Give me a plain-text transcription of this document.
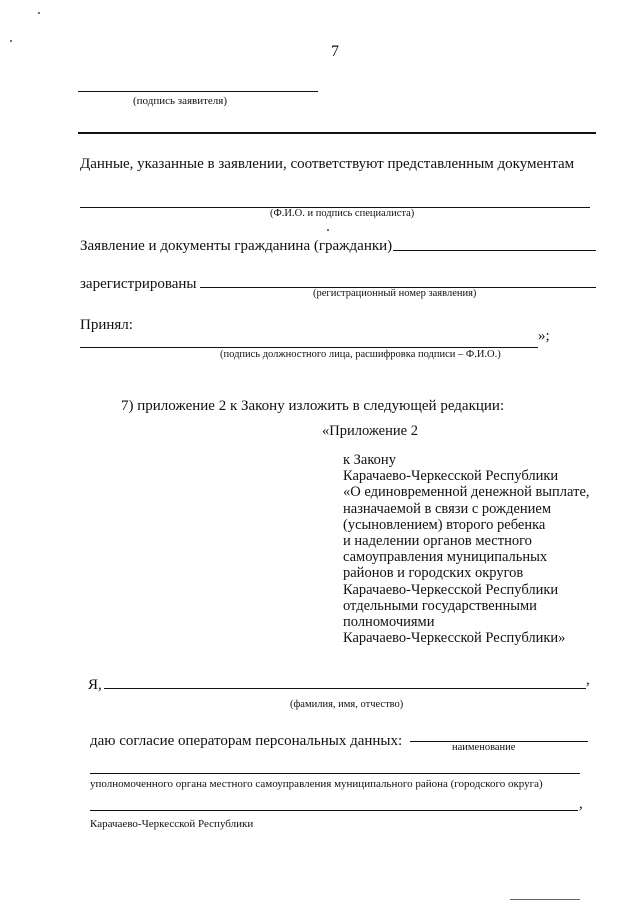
7
(подпись заявителя)
Данные, указанные в заявлении, соответствуют представленным документам
(Ф.И.О. и подпись специалиста)
Заявление и документы гражданина (гражданки)
зарегистрированы
(регистрационный номер заявления)
Принял:
»;
(подпись должностного лица, расшифровка подписи – Ф.И.О.)
7) приложение 2 к Закону изложить в следующей редакции:
«Приложение 2
к Закону
Карачаево-Черкесской Республики
«О единовременной денежной выплате,
назначаемой в связи с рождением
(усыновлением) второго ребенка
и наделении органов местного
самоуправления муниципальных
районов и городских округов
Карачаево-Черкесской Республики
отдельными государственными
полномочиями
Карачаево-Черкесской Республики»
Я,	,
(фамилия, имя, отчество)
даю согласие операторам персональных данных:	наименование
уполномоченного органа местного самоуправления муниципального района (городского округа)
,
Карачаево-Черкесской Республики
